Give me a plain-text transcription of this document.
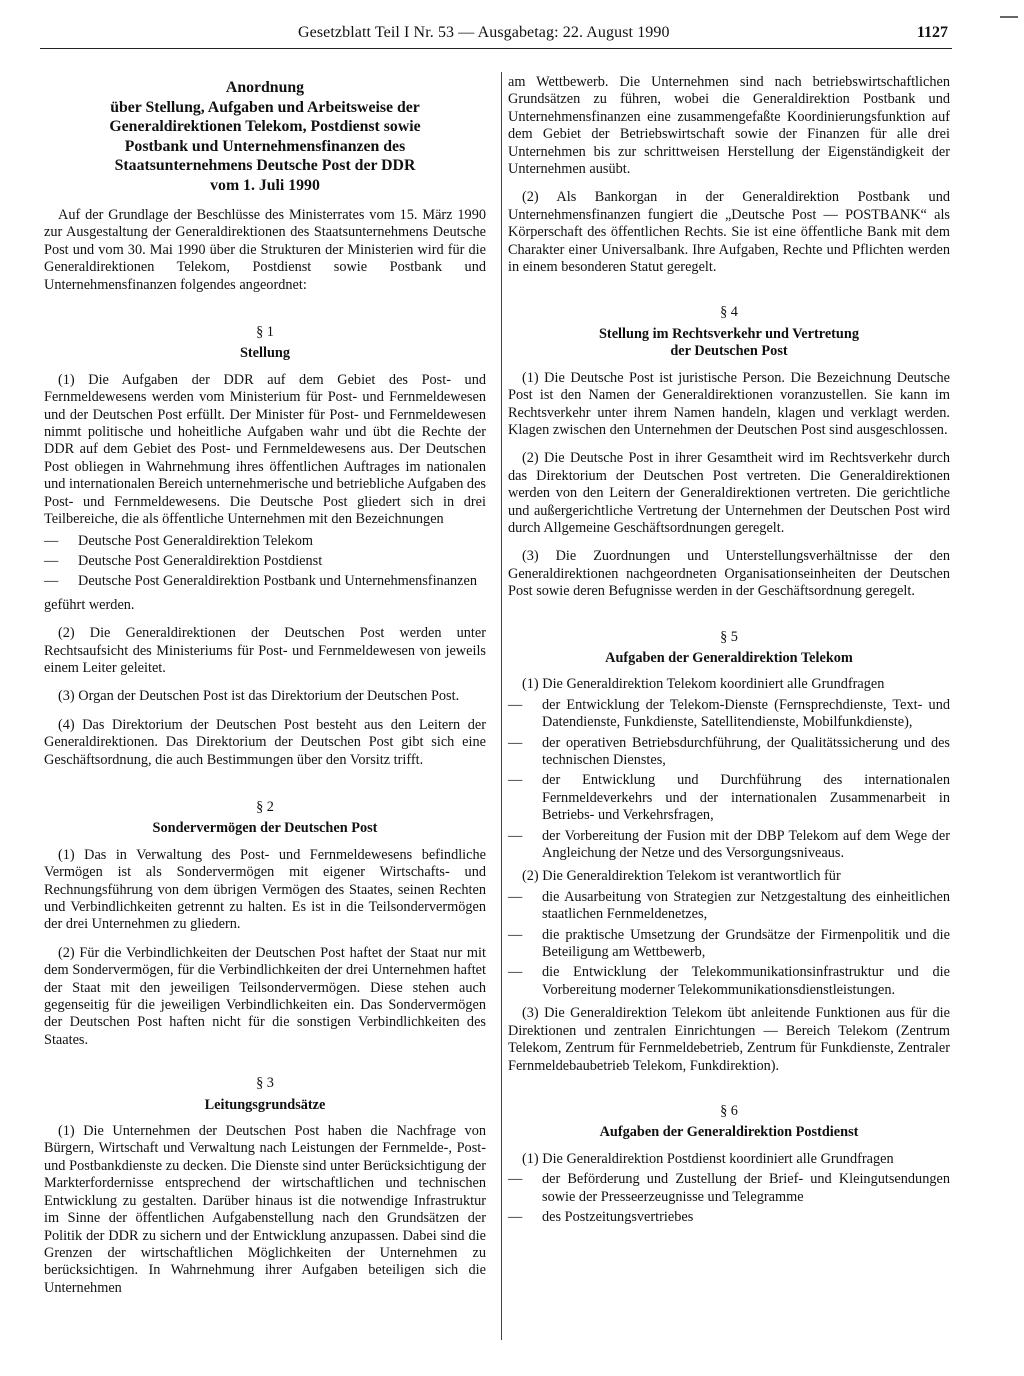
Gesetzblatt Teil I Nr. 53 — Ausgabetag: 22. August 1990	1127
Anordnung
über Stellung, Aufgaben und Arbeitsweise der
Generaldirektionen Telekom, Postdienst sowie
Postbank und Unternehmensfinanzen des
Staatsunternehmens Deutsche Post der DDR
vom 1. Juli 1990

Auf der Grundlage der Beschlüsse des Ministerrates vom 15. März 1990 zur Ausgestaltung der Generaldirektionen des Staatsunternehmens Deutsche Post und vom 30. Mai 1990 über die Strukturen der Ministerien wird für die Generaldirektionen Telekom, Postdienst sowie Postbank und Unternehmensfinanzen folgendes angeordnet:

§ 1
Stellung

(1) Die Aufgaben der DDR auf dem Gebiet des Post- und Fernmeldewesens werden vom Ministerium für Post- und Fernmeldewesen und der Deutschen Post erfüllt. Der Minister für Post- und Fernmeldewesen nimmt politische und hoheitliche Aufgaben wahr und übt die Rechte der DDR auf dem Gebiet des Post- und Fernmeldewesens aus. Der Deutschen Post obliegen in Wahrnehmung ihres öffentlichen Auftrages im nationalen und internationalen Bereich unternehmerische und betriebliche Aufgaben des Post- und Fernmeldewesens. Die Deutsche Post gliedert sich in drei Teilbereiche, die als öffentliche Unternehmen mit den Bezeichnungen

— Deutsche Post Generaldirektion Telekom
— Deutsche Post Generaldirektion Postdienst
— Deutsche Post Generaldirektion Postbank und Unternehmensfinanzen

geführt werden.

(2) Die Generaldirektionen der Deutschen Post werden unter Rechtsaufsicht des Ministeriums für Post- und Fernmeldewesen von jeweils einem Leiter geleitet.

(3) Organ der Deutschen Post ist das Direktorium der Deutschen Post.

(4) Das Direktorium der Deutschen Post besteht aus den Leitern der Generaldirektionen. Das Direktorium der Deutschen Post gibt sich eine Geschäftsordnung, die auch Bestimmungen über den Vorsitz trifft.

§ 2
Sondervermögen der Deutschen Post

(1) Das in Verwaltung des Post- und Fernmeldewesens befindliche Vermögen ist als Sondervermögen mit eigener Wirtschafts- und Rechnungsführung von dem übrigen Vermögen des Staates, seinen Rechten und Verbindlichkeiten getrennt zu halten. Es ist in die Teilsondervermögen der drei Unternehmen zu gliedern.

(2) Für die Verbindlichkeiten der Deutschen Post haftet der Staat nur mit dem Sondervermögen, für die Verbindlichkeiten der drei Unternehmen haftet der Staat mit den jeweiligen Teilsondervermögen. Diese stehen auch gegenseitig für die jeweiligen Verbindlichkeiten ein. Das Sondervermögen der Deutschen Post haften nicht für die sonstigen Verbindlichkeiten des Staates.

§ 3
Leitungsgrundsätze

(1) Die Unternehmen der Deutschen Post haben die Nachfrage von Bürgern, Wirtschaft und Verwaltung nach Leistungen der Fernmelde-, Post- und Postbankdienste zu decken. Die Dienste sind unter Berücksichtigung der Markterfordernisse entsprechend der wirtschaftlichen und technischen Entwicklung zu gestalten. Darüber hinaus ist die notwendige Infrastruktur im Sinne der öffentlichen Aufgabenstellung nach den Grundsätzen der Politik der DDR zu sichern und der Entwicklung anzupassen. Dabei sind die Grenzen der wirtschaftlichen Möglichkeiten der Unternehmen zu berücksichtigen. In Wahrnehmung ihrer Aufgaben beteiligen sich die Unternehmen

am Wettbewerb. Die Unternehmen sind nach betriebswirtschaftlichen Grundsätzen zu führen, wobei die Generaldirektion Postbank und Unternehmensfinanzen eine zusammengefaßte Koordinierungsfunktion auf dem Gebiet der Betriebswirtschaft sowie der Finanzen für alle drei Unternehmen bis zur schrittweisen Herstellung der Eigenständigkeit der Unternehmen ausübt.

(2) Als Bankorgan in der Generaldirektion Postbank und Unternehmensfinanzen fungiert die „Deutsche Post — POSTBANK“ als Körperschaft des öffentlichen Rechts. Sie ist eine öffentliche Bank mit dem Charakter einer Universalbank. Ihre Aufgaben, Rechte und Pflichten werden in einem besonderen Statut geregelt.

§ 4
Stellung im Rechtsverkehr und Vertretung
der Deutschen Post

(1) Die Deutsche Post ist juristische Person. Die Bezeichnung Deutsche Post ist den Namen der Generaldirektionen voranzustellen. Sie kann im Rechtsverkehr unter ihrem Namen handeln, klagen und verklagt werden. Klagen zwischen den Unternehmen der Deutschen Post sind ausgeschlossen.

(2) Die Deutsche Post in ihrer Gesamtheit wird im Rechtsverkehr durch das Direktorium der Deutschen Post vertreten. Die Generaldirektionen werden von den Leitern der Generaldirektionen vertreten. Die gerichtliche und außergerichtliche Vertretung der Unternehmen der Deutschen Post wird durch Allgemeine Geschäftsordnungen geregelt.

(3) Die Zuordnungen und Unterstellungsverhältnisse der den Generaldirektionen nachgeordneten Organisationseinheiten der Deutschen Post sowie deren Befugnisse werden in der Geschäftsordnung geregelt.

§ 5
Aufgaben der Generaldirektion Telekom

(1) Die Generaldirektion Telekom koordiniert alle Grundfragen

— der Entwicklung der Telekom-Dienste (Fernsprechdienste, Text- und Datendienste, Funkdienste, Satellitendienste, Mobilfunkdienste),
— der operativen Betriebsdurchführung, der Qualitätssicherung und des technischen Dienstes,
— der Entwicklung und Durchführung des internationalen Fernmeldeverkehrs und der internationalen Zusammenarbeit in Betriebs- und Verkehrsfragen,
— der Vorbereitung der Fusion mit der DBP Telekom auf dem Wege der Angleichung der Netze und des Versorgungsniveaus.

(2) Die Generaldirektion Telekom ist verantwortlich für

— die Ausarbeitung von Strategien zur Netzgestaltung des einheitlichen staatlichen Fernmeldenetzes,
— die praktische Umsetzung der Grundsätze der Firmenpolitik und die Beteiligung am Wettbewerb,
— die Entwicklung der Telekommunikationsinfrastruktur und die Vorbereitung moderner Telekommunikationsdienstleistungen.

(3) Die Generaldirektion Telekom übt anleitende Funktionen aus für die Direktionen und zentralen Einrichtungen — Bereich Telekom (Zentrum Telekom, Zentrum für Fernmeldebetrieb, Zentrum für Funkdienste, Zentraler Fernmeldebaubetrieb Telekom, Funkdirektion).

§ 6
Aufgaben der Generaldirektion Postdienst

(1) Die Generaldirektion Postdienst koordiniert alle Grundfragen

— der Beförderung und Zustellung der Brief- und Kleingutsendungen sowie der Presseerzeugnisse und Telegramme
— des Postzeitungsvertriebes
